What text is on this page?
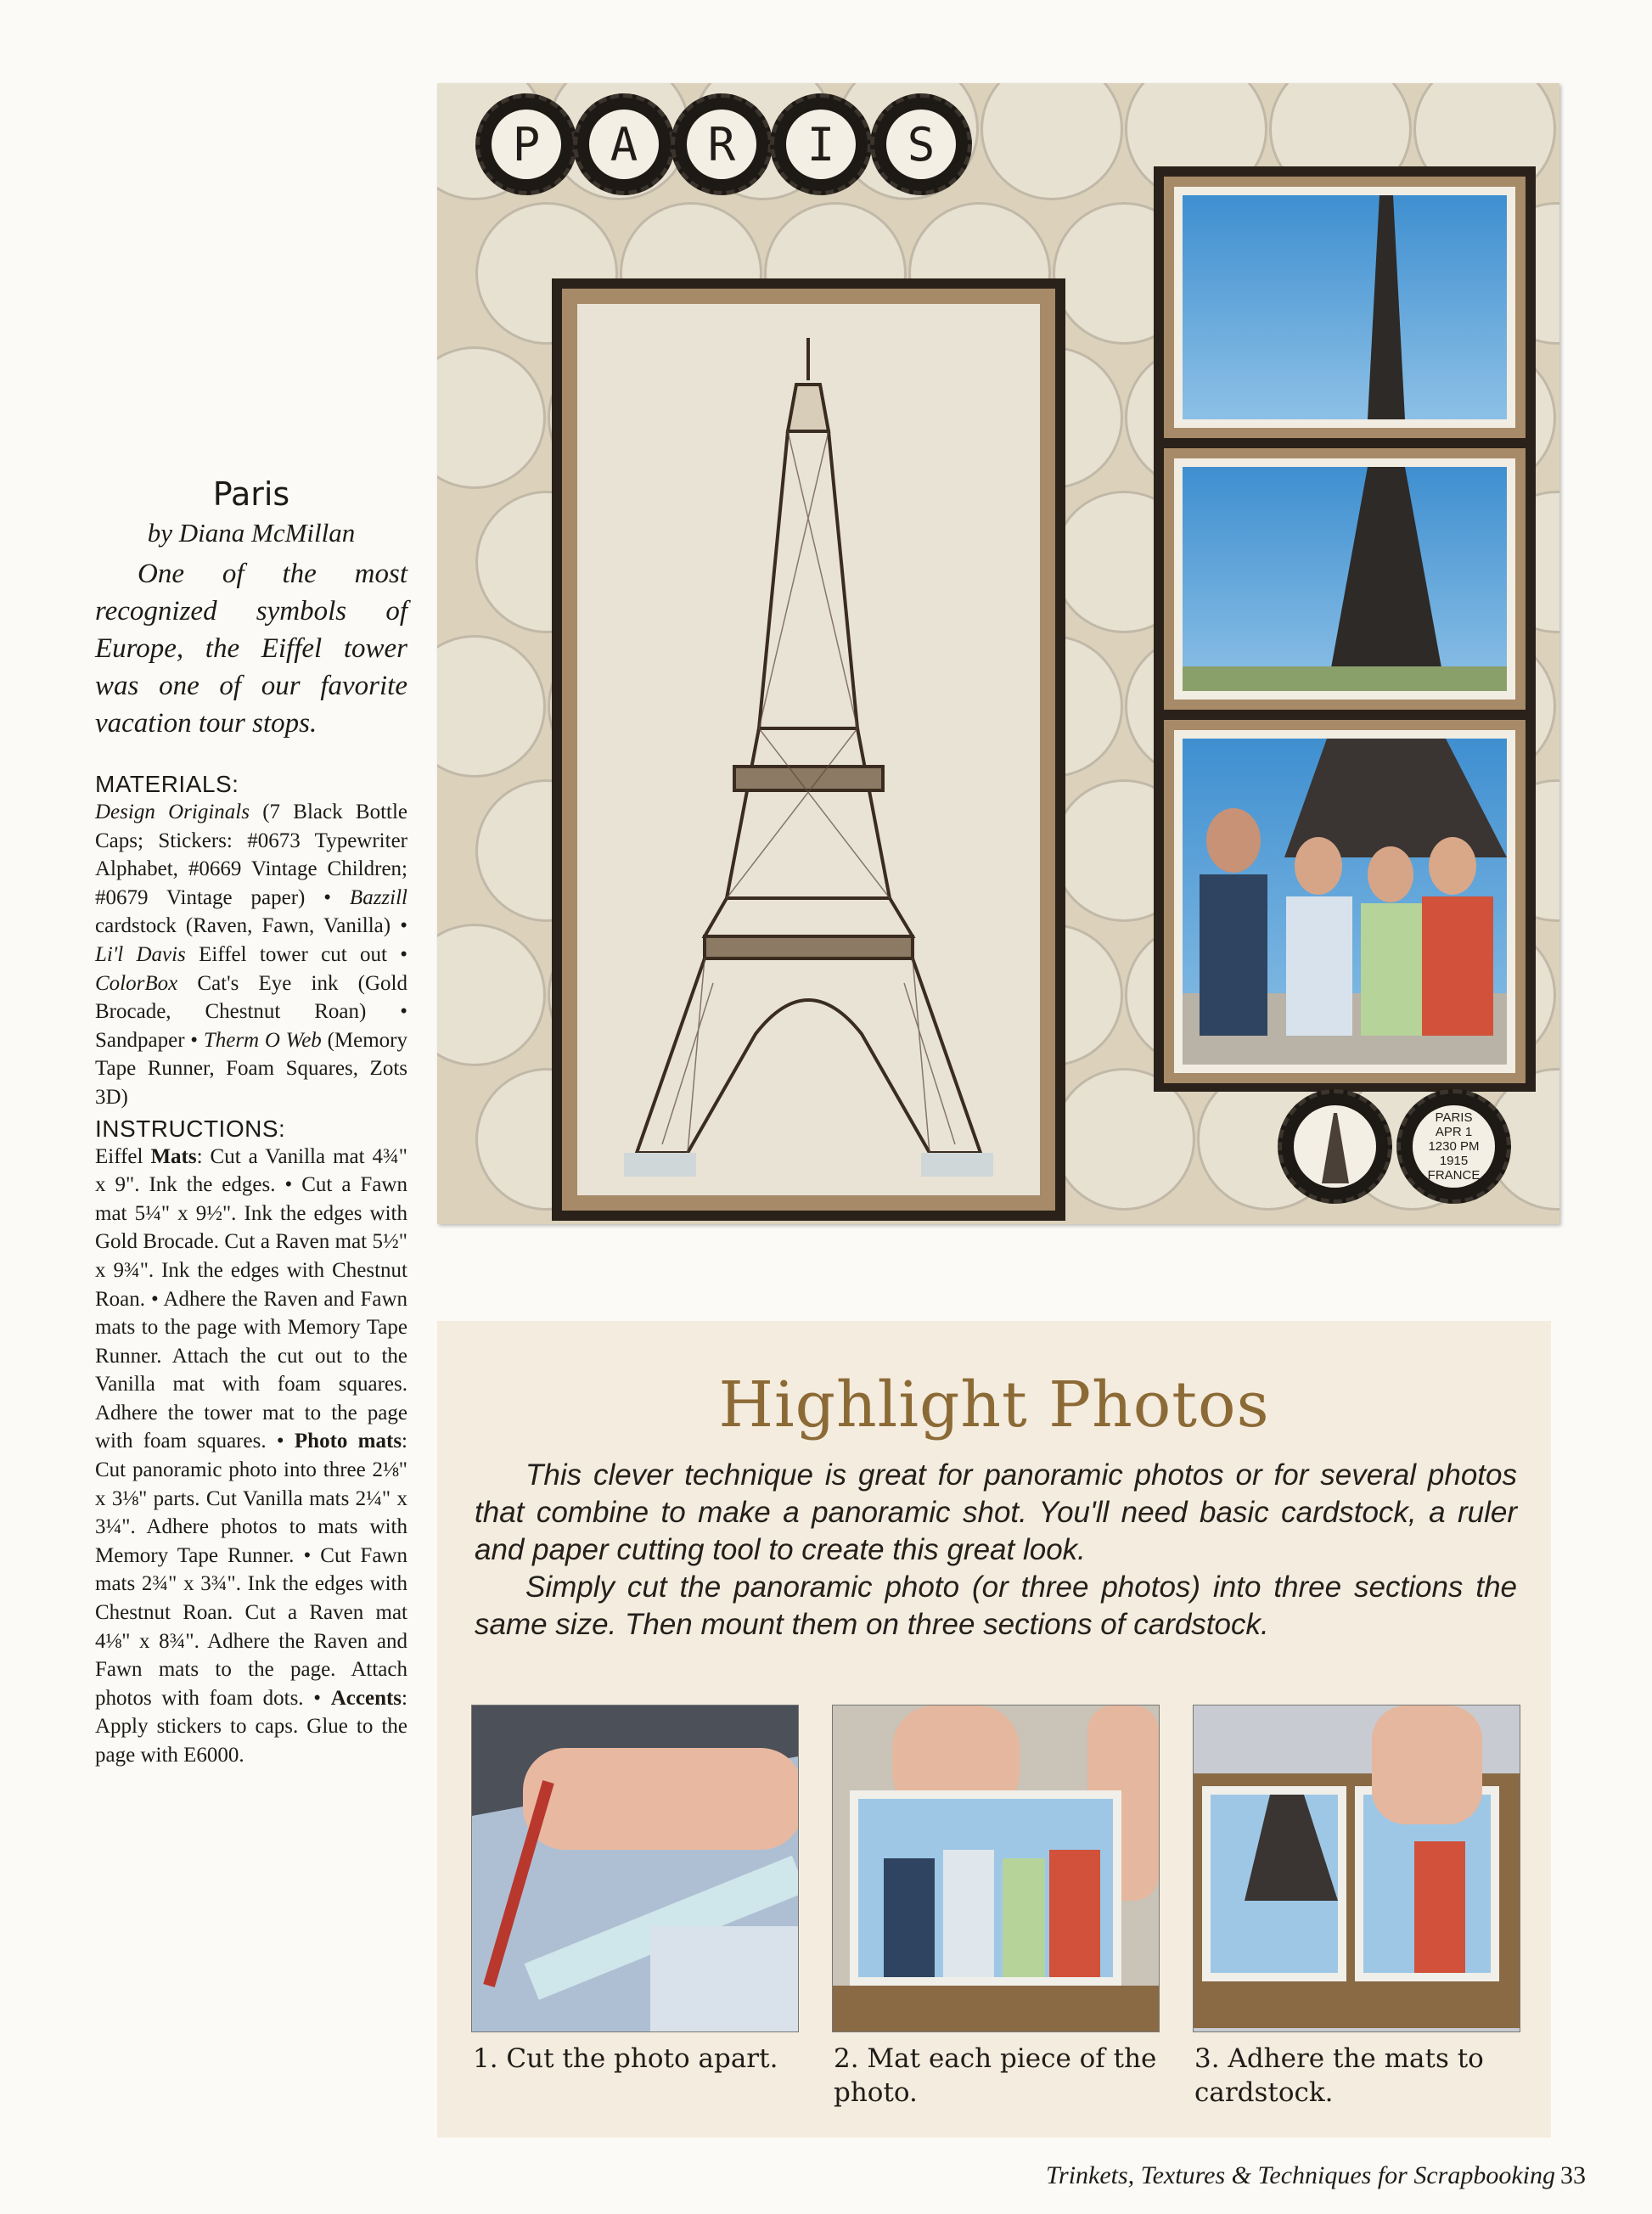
Paris
by Diana McMillan
One of the most recognized symbols of Europe, the Eiffel tower was one of our favorite vacation tour stops.
MATERIALS:
Design Originals (7 Black Bottle Caps; Stickers: #0673 Typewriter Alphabet, #0669 Vintage Children; #0679 Vintage paper) • Bazzill cardstock (Raven, Fawn, Vanilla) • Li'l Davis Eiffel tower cut out • ColorBox Cat's Eye ink (Gold Brocade, Chestnut Roan) • Sandpaper • Therm O Web (Memory Tape Runner, Foam Squares, Zots 3D)
INSTRUCTIONS:
Eiffel Mats: Cut a Vanilla mat 4¾" x 9". Ink the edges. • Cut a Fawn mat 5¼" x 9½". Ink the edges with Gold Brocade. Cut a Raven mat 5½" x 9¾". Ink the edges with Chestnut Roan. • Adhere the Raven and Fawn mats to the page with Memory Tape Runner. Attach the cut out to the Vanilla mat with foam squares. Adhere the tower mat to the page with foam squares. • Photo mats: Cut panoramic photo into three 2⅛" x 3⅛" parts. Cut Vanilla mats 2¼" x 3¼". Adhere photos to mats with Memory Tape Runner. • Cut Fawn mats 2¾" x 3¾". Ink the edges with Chestnut Roan. Cut a Raven mat 4⅛" x 8¾". Adhere the Raven and Fawn mats to the page. Attach photos with foam dots. • Accents: Apply stickers to caps. Glue to the page with E6000.
P	A	R	I	S
PARIS
APR 1
1230 PM
1915
FRANCE
Highlight Photos

This clever technique is great for panoramic photos or for several photos that combine to make a panoramic shot. You'll need basic cardstock, a ruler and paper cutting tool to create this great look.

Simply cut the panoramic photo (or three photos) into three sections the same size. Then mount them on three sections of cardstock.

1. Cut the photo apart.	2. Mat each piece of the photo.
3. Adhere the mats to cardstock.
Trinkets, Textures & Techniques for Scrapbooking 33
